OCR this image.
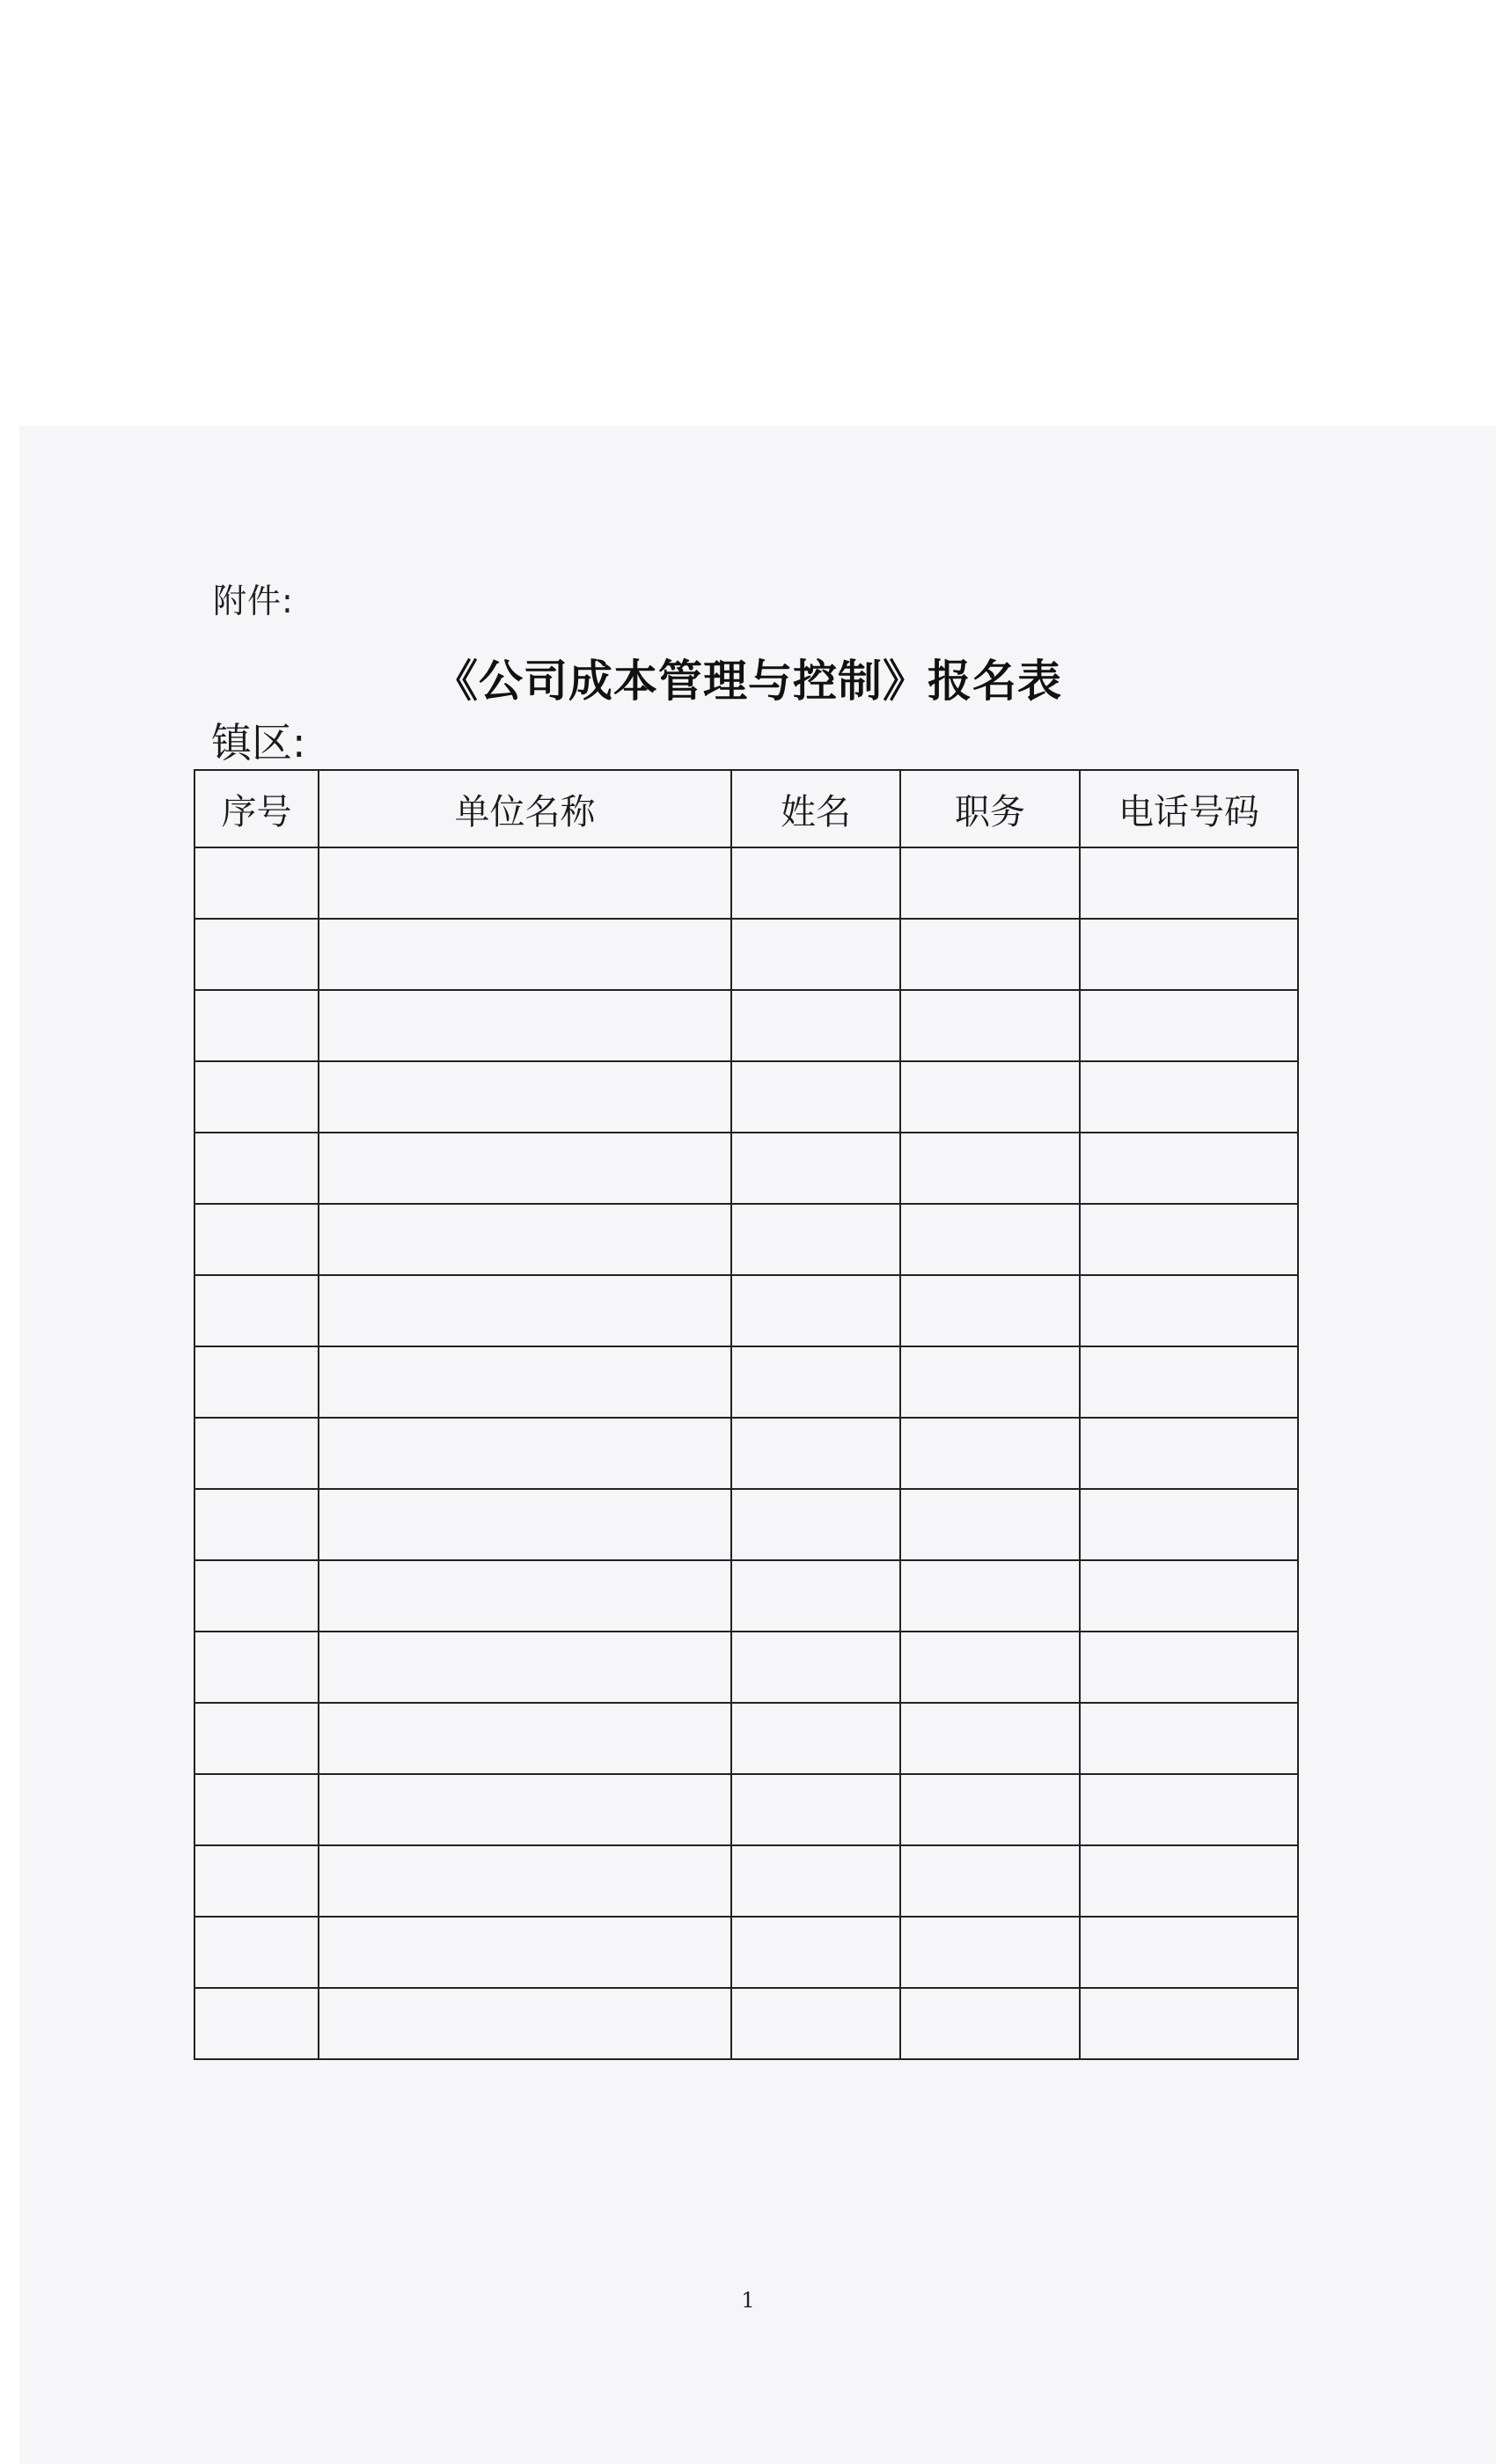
附件:
《公司成本管理与控制》报名表
镇区:
序号	单位名称	姓名	职务	电话号码

1
